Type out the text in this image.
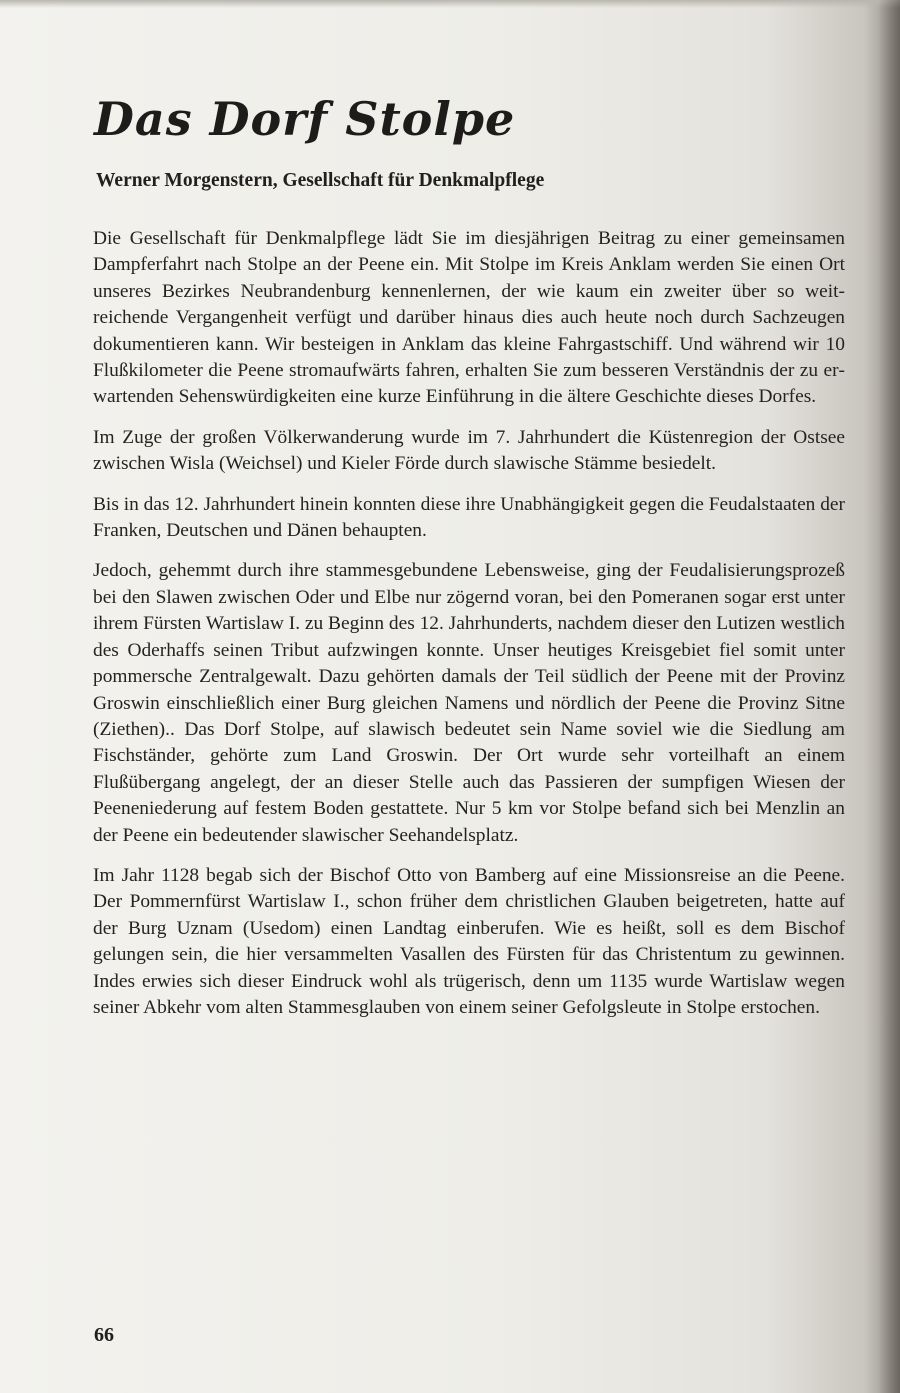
Das Dorf Stolpe
Werner Morgenstern, Gesellschaft für Denkmalpflege

Die Gesellschaft für Denkmalpflege lädt Sie im diesjährigen Beitrag zu einer gemeinsamen Dampferfahrt nach Stolpe an der Peene ein. Mit Stolpe im Kreis Anklam werden Sie einen Ort unseres Bezirkes Neubrandenburg kennenlernen, der wie kaum ein zweiter über so weitreichende Vergangenheit verfügt und darüber hinaus dies auch heute noch durch Sachzeugen dokumentieren kann. Wir besteigen in Anklam das kleine Fahrgastschiff. Und während wir 10 Flußkilometer die Peene stromaufwärts fahren, erhalten Sie zum besseren Verständnis der zu erwartenden Sehenswürdigkeiten eine kurze Einführung in die ältere Geschichte dieses Dorfes.

Im Zuge der großen Völkerwanderung wurde im 7. Jahrhundert die Küstenregion der Ostsee zwischen Wisla (Weichsel) und Kieler Förde durch slawische Stämme besiedelt.

Bis in das 12. Jahrhundert hinein konnten diese ihre Unabhängigkeit gegen die Feudalstaaten der Franken, Deutschen und Dänen behaupten.

Jedoch, gehemmt durch ihre stammesgebundene Lebensweise, ging der Feudalisierungsprozeß bei den Slawen zwischen Oder und Elbe nur zögernd voran, bei den Pomeranen sogar erst unter ihrem Fürsten Wartislaw I. zu Beginn des 12. Jahrhunderts, nachdem dieser den Lutizen westlich des Oderhaffs seinen Tribut aufzwingen konnte. Unser heutiges Kreisgebiet fiel somit unter pommersche Zentralgewalt. Dazu gehörten damals der Teil südlich der Peene mit der Provinz Groswin einschließlich einer Burg gleichen Namens und nördlich der Peene die Provinz Sitne (Ziethen).. Das Dorf Stolpe, auf slawisch bedeutet sein Name soviel wie die Siedlung am Fischständer, gehörte zum Land Groswin. Der Ort wurde sehr vorteilhaft an einem Flußübergang angelegt, der an dieser Stelle auch das Passieren der sumpfigen Wiesen der Peeneniederung auf festem Boden gestattete. Nur 5 km vor Stolpe befand sich bei Menzlin an der Peene ein bedeutender slawischer Seehandelsplatz.

Im Jahr 1128 begab sich der Bischof Otto von Bamberg auf eine Missionsreise an die Peene. Der Pommernfürst Wartislaw I., schon früher dem christlichen Glauben beigetreten, hatte auf der Burg Uznam (Usedom) einen Landtag einberufen. Wie es heißt, soll es dem Bischof gelungen sein, die hier versammelten Vasallen des Fürsten für das Christentum zu gewinnen. Indes erwies sich dieser Eindruck wohl als trügerisch, denn um 1135 wurde Wartislaw wegen seiner Abkehr vom alten Stammesglauben von einem seiner Gefolgsleute in Stolpe erstochen.

66
